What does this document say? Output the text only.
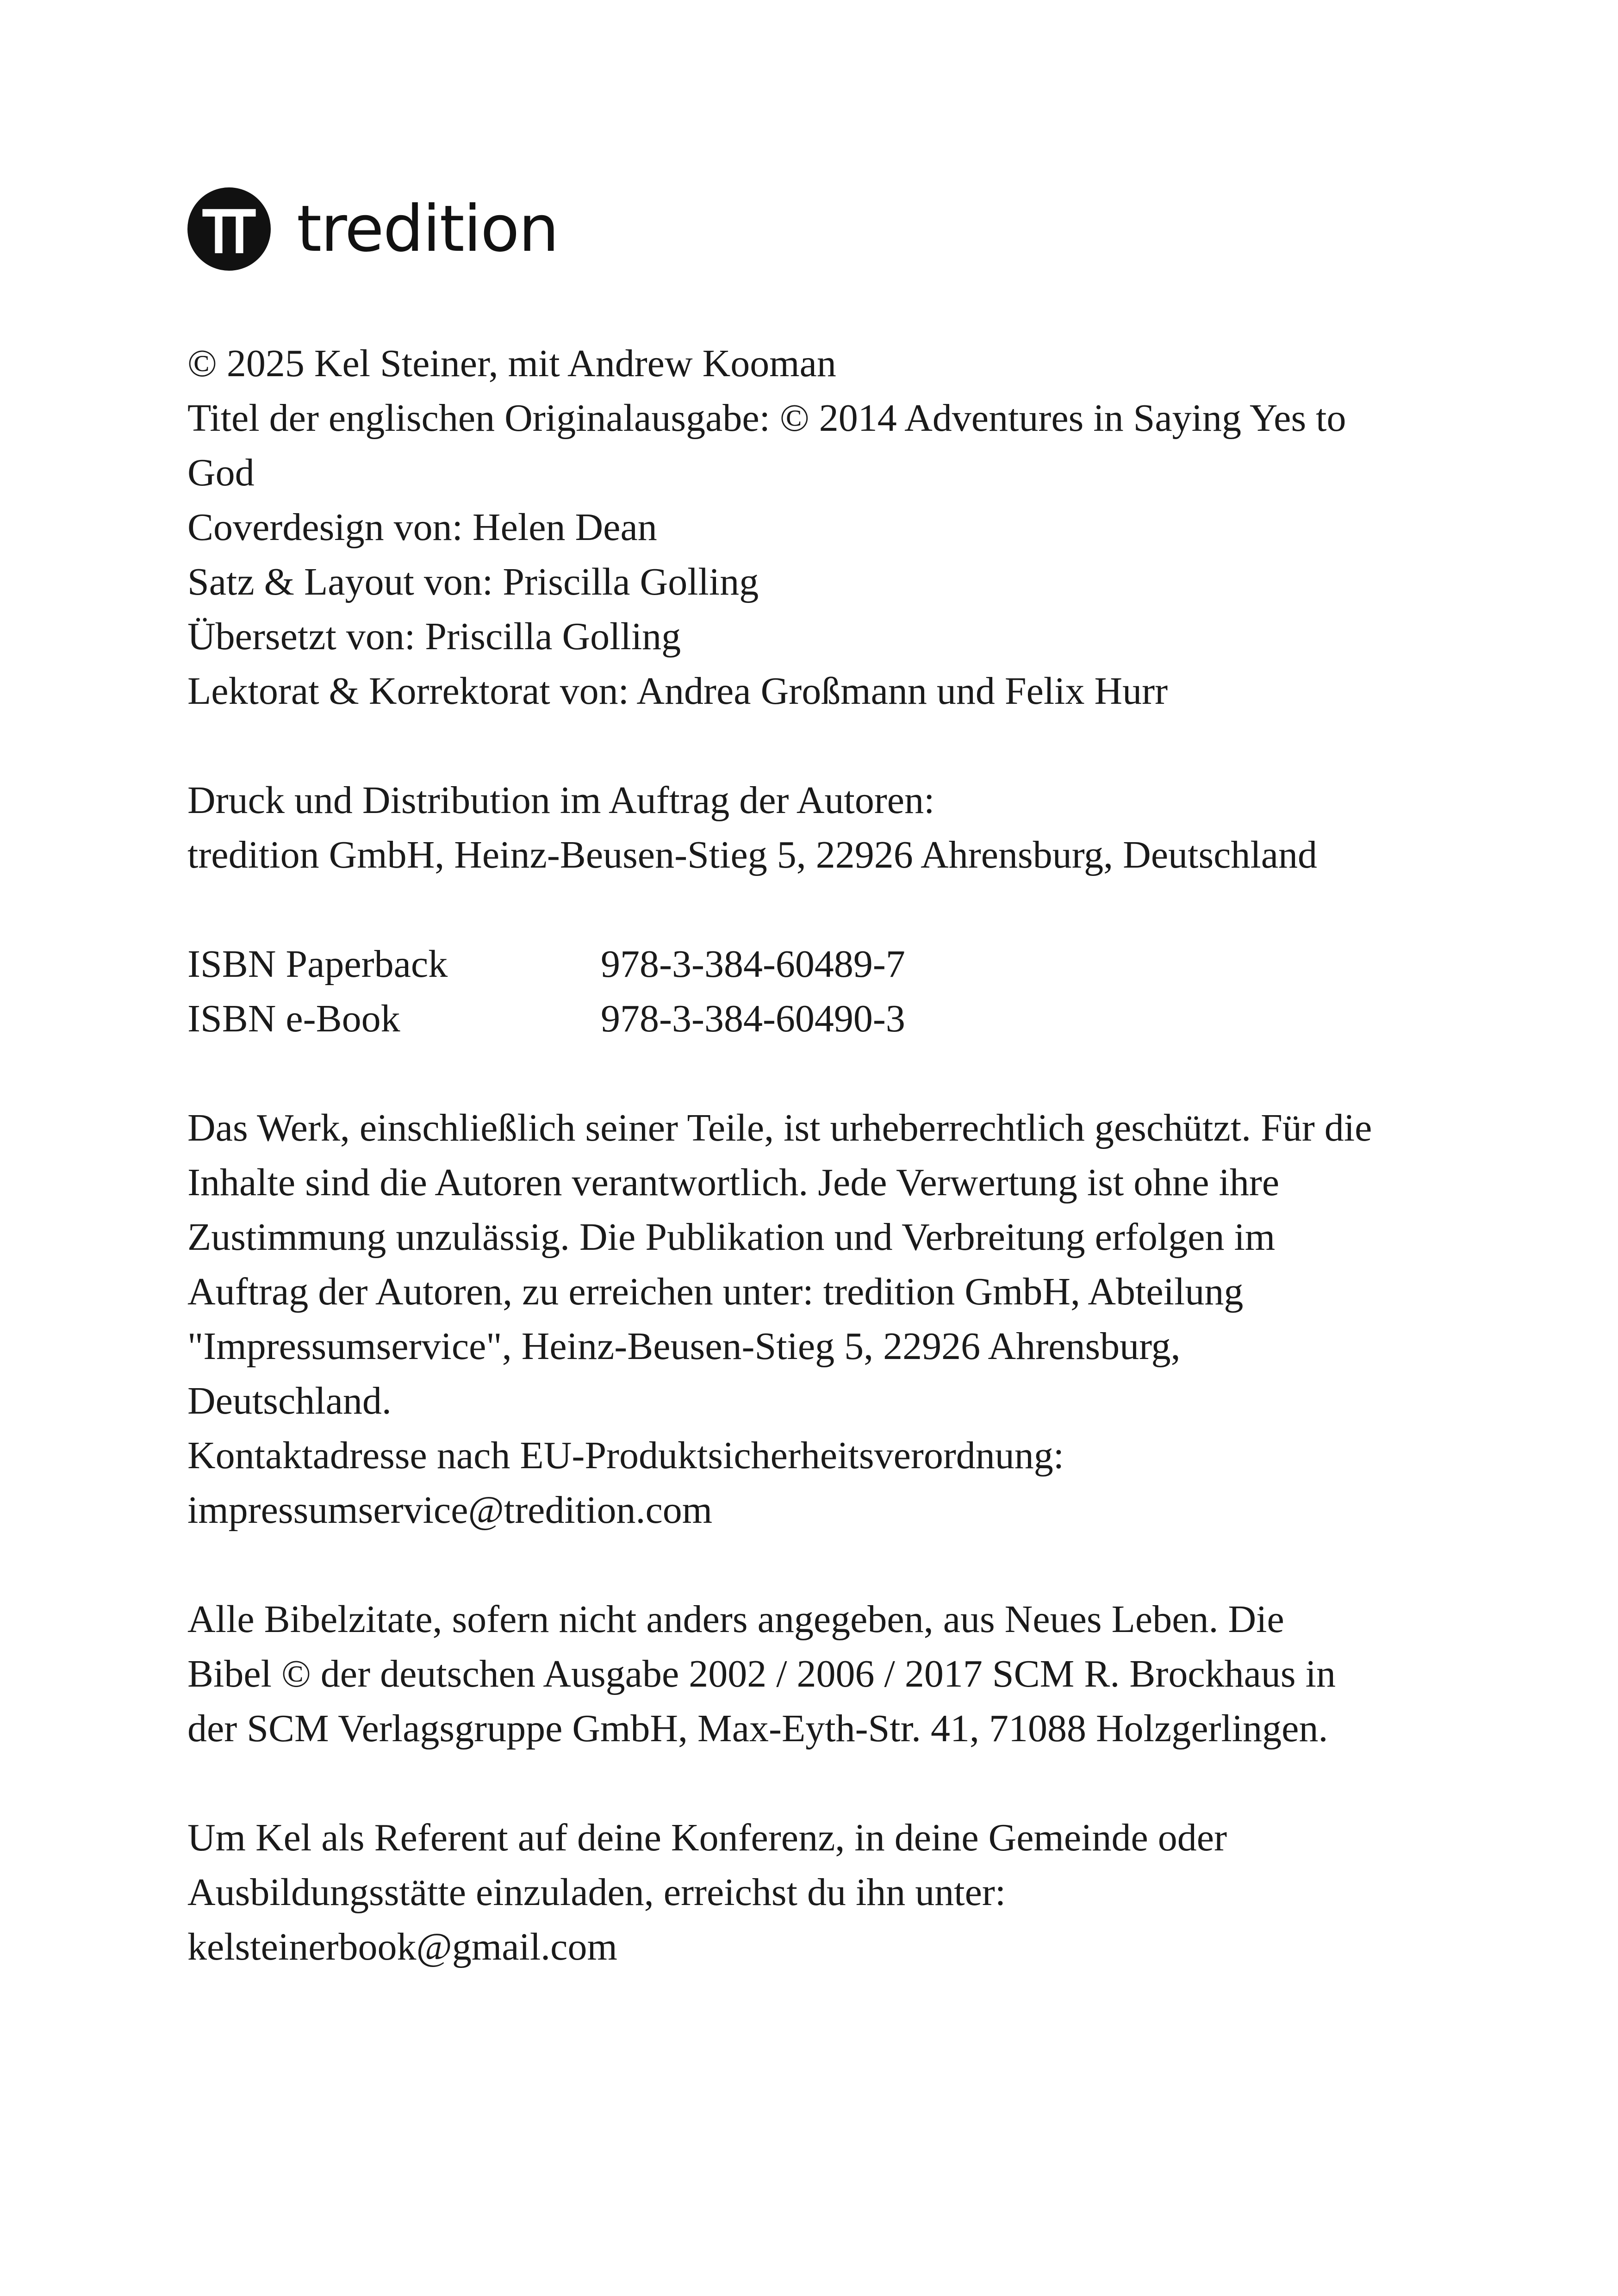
tredition
© 2025 Kel Steiner, mit Andrew Kooman
Titel der englischen Originalausgabe: © 2014 Adventures in Saying Yes to
God
Coverdesign von: Helen Dean
Satz & Layout von: Priscilla Golling
Übersetzt von: Priscilla Golling
Lektorat & Korrektorat von: Andrea Großmann und Felix Hurr
Druck und Distribution im Auftrag der Autoren:
tredition GmbH, Heinz-Beusen-Stieg 5, 22926 Ahrensburg, Deutschland
ISBN Paperback	978-3-384-60489-7
ISBN e-Book	978-3-384-60490-3
Das Werk, einschließlich seiner Teile, ist urheberrechtlich geschützt. Für die
Inhalte sind die Autoren verantwortlich. Jede Verwertung ist ohne ihre
Zustimmung unzulässig. Die Publikation und Verbreitung erfolgen im
Auftrag der Autoren, zu erreichen unter: tredition GmbH, Abteilung
"Impressumservice", Heinz-Beusen-Stieg 5, 22926 Ahrensburg,
Deutschland.
Kontaktadresse nach EU-Produktsicherheitsverordnung:
impressumservice@tredition.com
Alle Bibelzitate, sofern nicht anders angegeben, aus Neues Leben. Die
Bibel © der deutschen Ausgabe 2002 / 2006 / 2017 SCM R. Brockhaus in
der SCM Verlagsgruppe GmbH, Max-Eyth-Str. 41, 71088 Holzgerlingen.
Um Kel als Referent auf deine Konferenz, in deine Gemeinde oder
Ausbildungsstätte einzuladen, erreichst du ihn unter:
kelsteinerbook@gmail.com
